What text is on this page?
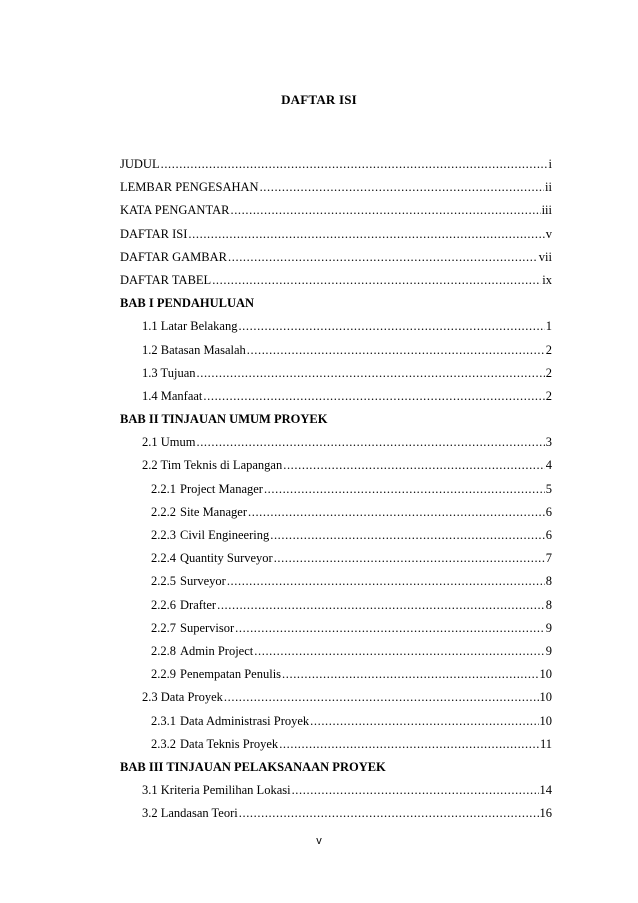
DAFTAR ISI
JUDUL .....	i
LEMBAR PENGESAHAN .....	ii
KATA PENGANTAR .....	iii
DAFTAR ISI .....	v
DAFTAR GAMBAR .....	vii
DAFTAR TABEL .....	ix
BAB I PENDAHULUAN
1.1 Latar Belakang .....	1
1.2 Batasan Masalah .....	2
1.3 Tujuan .....	2
1.4 Manfaat .....	2
BAB II TINJAUAN UMUM PROYEK
2.1 Umum .....	3
2.2 Tim Teknis di Lapangan .....	4
2.2.1 Project Manager .....	5
2.2.2 Site Manager .....	6
2.2.3 Civil Engineering .....	6
2.2.4 Quantity Surveyor .....	7
2.2.5 Surveyor .....	8
2.2.6 Drafter .....	8
2.2.7 Supervisor .....	9
2.2.8 Admin Project .....	9
2.2.9 Penempatan Penulis .....	10
2.3 Data Proyek .....	10
2.3.1 Data Administrasi Proyek .....	10
2.3.2 Data Teknis Proyek .....	11
BAB III TINJAUAN PELAKSANAAN PROYEK
3.1 Kriteria Pemilihan Lokasi .....	14
3.2 Landasan Teori .....	16
v
